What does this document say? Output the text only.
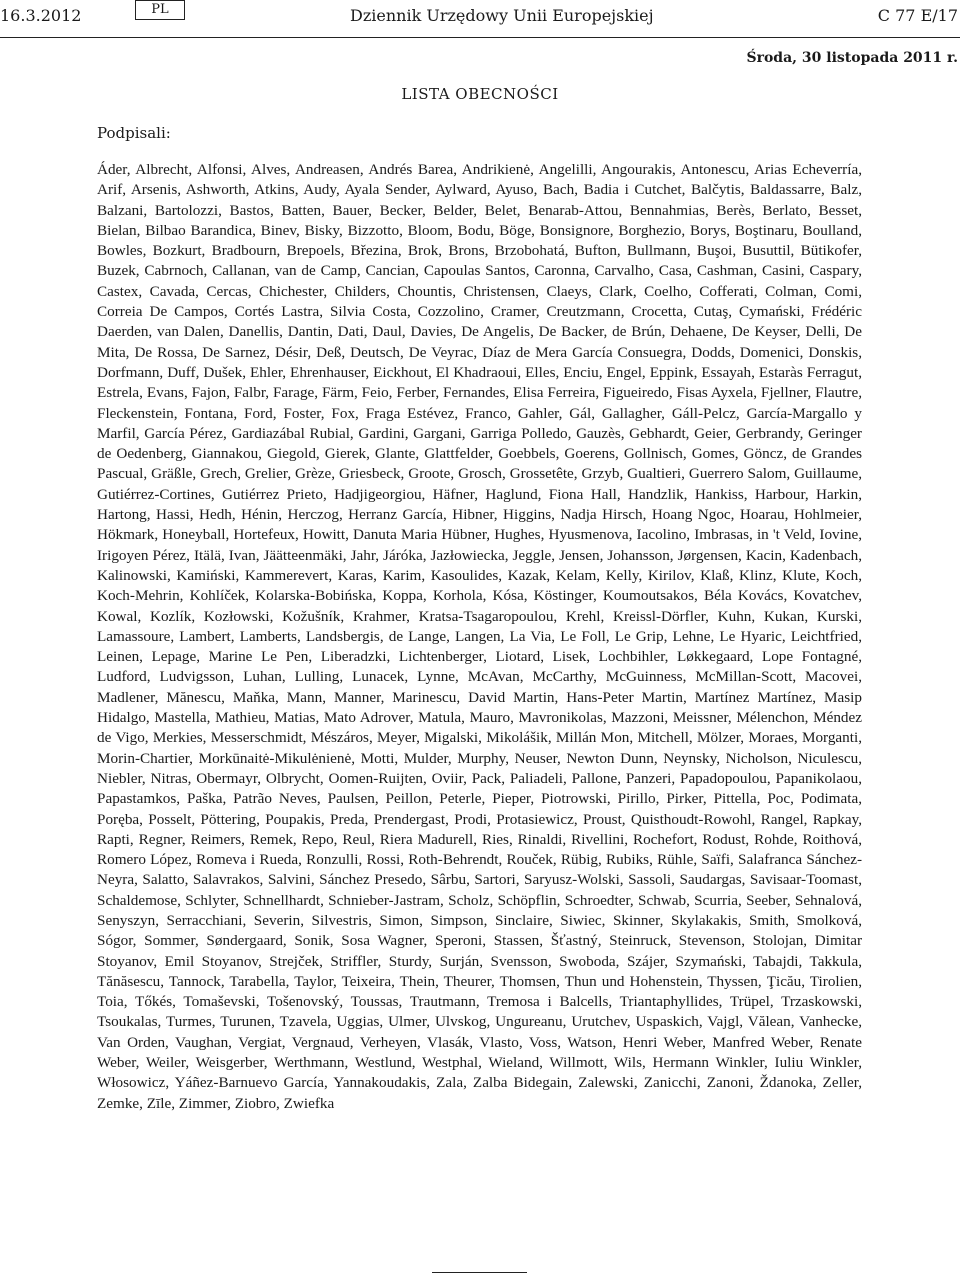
16.3.2012	PL	Dziennik Urzędowy Unii Europejskiej	C 77 E/17
Środa, 30 listopada 2011 r.
LISTA OBECNOŚCI
Podpisali:

Áder, Albrecht, Alfonsi, Alves, Andreasen, Andrés Barea, Andrikienė, Angelilli, Angourakis, Antonescu, Arias Echeverría, Arif, Arsenis, Ashworth, Atkins, Audy, Ayala Sender, Aylward, Ayuso, Bach, Badia i Cutchet, Balčytis, Baldassarre, Balz, Balzani, Bartolozzi, Bastos, Batten, Bauer, Becker, Belder, Belet, Benarab-Attou, Bennahmias, Berès, Berlato, Besset, Bielan, Bilbao Barandica, Binev, Bisky, Bizzotto, Bloom, Bodu, Böge, Bonsignore, Borghezio, Borys, Boştinaru, Boulland, Bowles, Bozkurt, Bradbourn, Brepoels, Březina, Brok, Brons, Brzobohatá, Bufton, Bullmann, Buşoi, Busuttil, Bütikofer, Buzek, Cabrnoch, Callanan, van de Camp, Cancian, Capoulas Santos, Caronna, Carvalho, Casa, Cashman, Casini, Caspary, Castex, Cavada, Cercas, Chichester, Childers, Chountis, Christensen, Claeys, Clark, Coelho, Cofferati, Colman, Comi, Correia De Campos, Cortés Lastra, Silvia Costa, Cozzolino, Cramer, Creutzmann, Crocetta, Cutaş, Cymański, Frédéric Daerden, van Dalen, Danellis, Dantin, Dati, Daul, Davies, De Angelis, De Backer, de Brún, Dehaene, De Keyser, Delli, De Mita, De Rossa, De Sarnez, Désir, Deß, Deutsch, De Veyrac, Díaz de Mera García Consuegra, Dodds, Domenici, Donskis, Dorfmann, Duff, Dušek, Ehler, Ehrenhauser, Eickhout, El Khadraoui, Elles, Enciu, Engel, Eppink, Essayah, Estaràs Ferragut, Estrela, Evans, Fajon, Falbr, Farage, Färm, Feio, Ferber, Fernandes, Elisa Ferreira, Figueiredo, Fisas Ayxela, Fjellner, Flautre, Fleckenstein, Fontana, Ford, Foster, Fox, Fraga Estévez, Franco, Gahler, Gál, Gallagher, Gáll-Pelcz, García-Margallo y Marfil, García Pérez, Gardiazábal Rubial, Gardini, Gargani, Garriga Polledo, Gauzès, Gebhardt, Geier, Gerbrandy, Geringer de Oedenberg, Giannakou, Giegold, Gierek, Glante, Glattfelder, Goebbels, Goerens, Gollnisch, Gomes, Göncz, de Grandes Pascual, Gräßle, Grech, Grelier, Grèze, Griesbeck, Groote, Grosch, Grossetête, Grzyb, Gualtieri, Guerrero Salom, Guillaume, Gutiérrez-Cortines, Gutiérrez Prieto, Hadjigeorgiou, Häfner, Haglund, Fiona Hall, Handzlik, Hankiss, Harbour, Harkin, Hartong, Hassi, Hedh, Hénin, Herczog, Herranz García, Hibner, Higgins, Nadja Hirsch, Hoang Ngoc, Hoarau, Hohlmeier, Hökmark, Honeyball, Hortefeux, Howitt, Danuta Maria Hübner, Hughes, Hyusmenova, Iacolino, Imbrasas, in 't Veld, Iovine, Irigoyen Pérez, Itälä, Ivan, Jäätteenmäki, Jahr, Járóka, Jazłowiecka, Jeggle, Jensen, Johansson, Jørgensen, Kacin, Kadenbach, Kalinowski, Kamiński, Kammerevert, Karas, Karim, Kasoulides, Kazak, Kelam, Kelly, Kirilov, Klaß, Klinz, Klute, Koch, Koch-Mehrin, Kohlíček, Kolarska-Bobińska, Koppa, Korhola, Kósa, Köstinger, Koumoutsakos, Béla Kovács, Kovatchev, Kowal, Kozlík, Kozłowski, Kožušník, Krahmer, Kratsa-Tsagaropoulou, Krehl, Kreissl-Dörfler, Kuhn, Kukan, Kurski, Lamassoure, Lambert, Lamberts, Landsbergis, de Lange, Langen, La Via, Le Foll, Le Grip, Lehne, Le Hyaric, Leichtfried, Leinen, Lepage, Marine Le Pen, Liberadzki, Lichtenberger, Liotard, Lisek, Lochbihler, Løkkegaard, Lope Fontagné, Ludford, Ludvigsson, Luhan, Lulling, Lunacek, Lynne, McAvan, McCarthy, McGuinness, McMillan-Scott, Macovei, Madlener, Mănescu, Maňka, Mann, Manner, Marinescu, David Martin, Hans-Peter Martin, Martínez Martínez, Masip Hidalgo, Mastella, Mathieu, Matias, Mato Adrover, Matula, Mauro, Mavronikolas, Mazzoni, Meissner, Mélenchon, Méndez de Vigo, Merkies, Messerschmidt, Mészáros, Meyer, Migalski, Mikolášik, Millán Mon, Mitchell, Mölzer, Moraes, Morganti, Morin-Chartier, Morkūnaitė-Mikulėnienė, Motti, Mulder, Murphy, Neuser, Newton Dunn, Neynsky, Nicholson, Niculescu, Niebler, Nitras, Obermayr, Olbrycht, Oomen-Ruijten, Oviir, Pack, Paliadeli, Pallone, Panzeri, Papadopoulou, Papanikolaou, Papastamkos, Paška, Patrão Neves, Paulsen, Peillon, Peterle, Pieper, Piotrowski, Pirillo, Pirker, Pittella, Poc, Podimata, Poręba, Posselt, Pöttering, Poupakis, Preda, Prendergast, Prodi, Protasiewicz, Proust, Quisthoudt-Rowohl, Rangel, Rapkay, Rapti, Regner, Reimers, Remek, Repo, Reul, Riera Madurell, Ries, Rinaldi, Rivellini, Rochefort, Rodust, Rohde, Roithová, Romero López, Romeva i Rueda, Ronzulli, Rossi, Roth-Behrendt, Rouček, Rübig, Rubiks, Rühle, Saïfi, Salafranca Sánchez-Neyra, Salatto, Salavrakos, Salvini, Sánchez Presedo, Sârbu, Sartori, Saryusz-Wolski, Sassoli, Saudargas, Savisaar-Toomast, Schaldemose, Schlyter, Schnellhardt, Schnieber-Jastram, Scholz, Schöpflin, Schroedter, Schwab, Scurria, Seeber, Sehnalová, Senyszyn, Serracchiani, Severin, Silvestris, Simon, Simpson, Sinclaire, Siwiec, Skinner, Skylakakis, Smith, Smolková, Sógor, Sommer, Søndergaard, Sonik, Sosa Wagner, Speroni, Stassen, Šťastný, Steinruck, Stevenson, Stolojan, Dimitar Stoyanov, Emil Stoyanov, Strejček, Striffler, Sturdy, Surján, Svensson, Swoboda, Szájer, Szymański, Tabajdi, Takkula, Tănăsescu, Tannock, Tarabella, Taylor, Teixeira, Thein, Theurer, Thomsen, Thun und Hohenstein, Thyssen, Ţicău, Tirolien, Toia, Tőkés, Tomaševski, Tošenovský, Toussas, Trautmann, Tremosa i Balcells, Triantaphyllides, Trüpel, Trzaskowski, Tsoukalas, Turmes, Turunen, Tzavela, Uggias, Ulmer, Ulvskog, Ungureanu, Urutchev, Uspaskich, Vajgl, Vălean, Vanhecke, Van Orden, Vaughan, Vergiat, Vergnaud, Verheyen, Vlasák, Vlasto, Voss, Watson, Henri Weber, Manfred Weber, Renate Weber, Weiler, Weisgerber, Werthmann, Westlund, Westphal, Wieland, Willmott, Wils, Hermann Winkler, Iuliu Winkler, Włosowicz, Yáñez-Barnuevo García, Yannakoudakis, Zala, Zalba Bidegain, Zalewski, Zanicchi, Zanoni, Ždanoka, Zeller, Zemke, Zīle, Zimmer, Ziobro, Zwiefka
